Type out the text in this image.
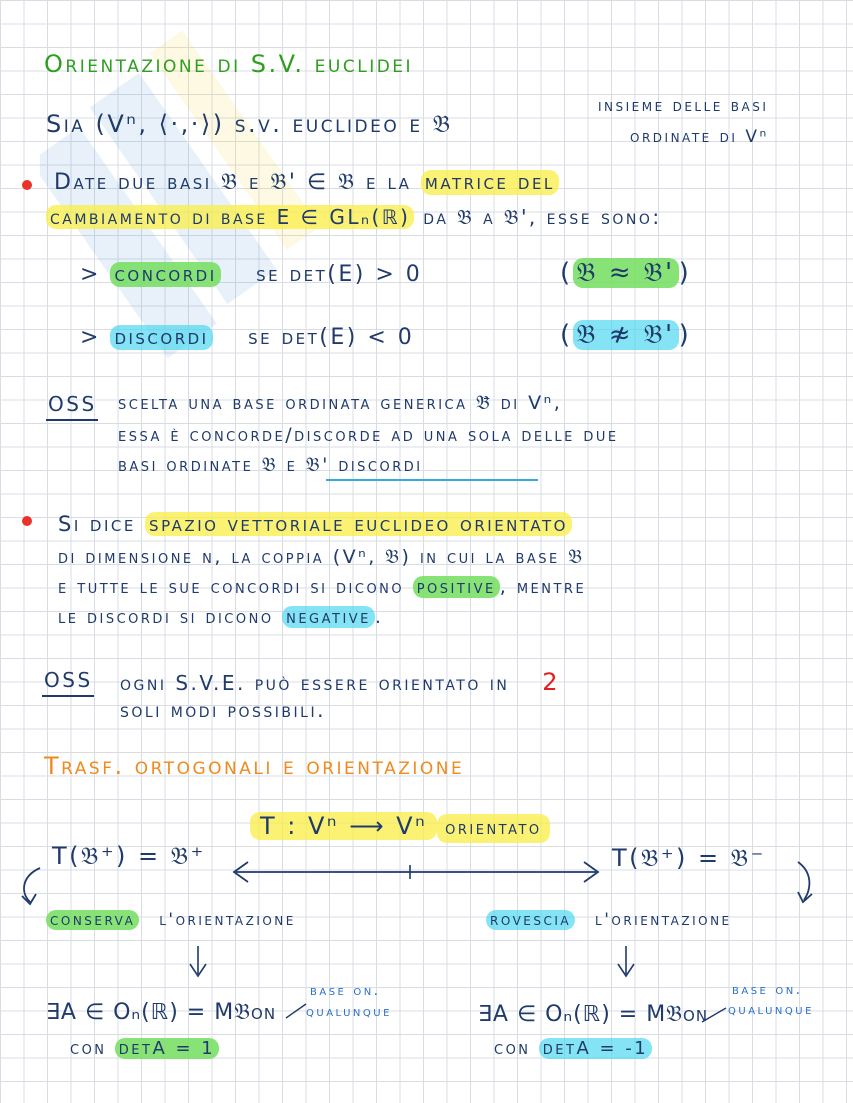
Orientazione di S.V. euclidei
Sia (Vⁿ, ⟨·,·⟩) s.v. euclideo e 𝔅
insieme delle basi
ordinate di Vⁿ
Date due basi 𝔅 e 𝔅' ∈ 𝔅 e la matrice del
cambiamento di base E ∈ GLₙ(ℝ) da 𝔅 a 𝔅', esse sono:
> concordi se det(E) > 0	( 𝔅 ≈ 𝔅' )
> discordi se det(E) < 0	( 𝔅 ≉ 𝔅' )
OSS scelta una base ordinata generica 𝔅̄ di Vⁿ,
essa è concorde/discorde ad una sola delle due
basi ordinate 𝔅 e 𝔅' discordi
Si dice spazio vettoriale euclideo orientato
di dimensione n, la coppia (Vⁿ, 𝔅) in cui la base 𝔅
e tutte le sue concordi si dicono positive , mentre
le discordi si dicono negative .
OSS ogni S.V.E. può essere orientato in 2
soli modi possibili.
Trasf. ortogonali e orientazione
T : Vⁿ ⟶ Vⁿ orientato
T(𝔅⁺) = 𝔅⁺	T(𝔅⁺) = 𝔅⁻
conserva l'orientazione	rovescia l'orientazione
∃A ∈ Oₙ(ℝ) = M𝔅on
base on.
qualunque
con detA = 1
∃A ∈ Oₙ(ℝ) = M𝔅on
base on.
qualunque
con detA = -1
